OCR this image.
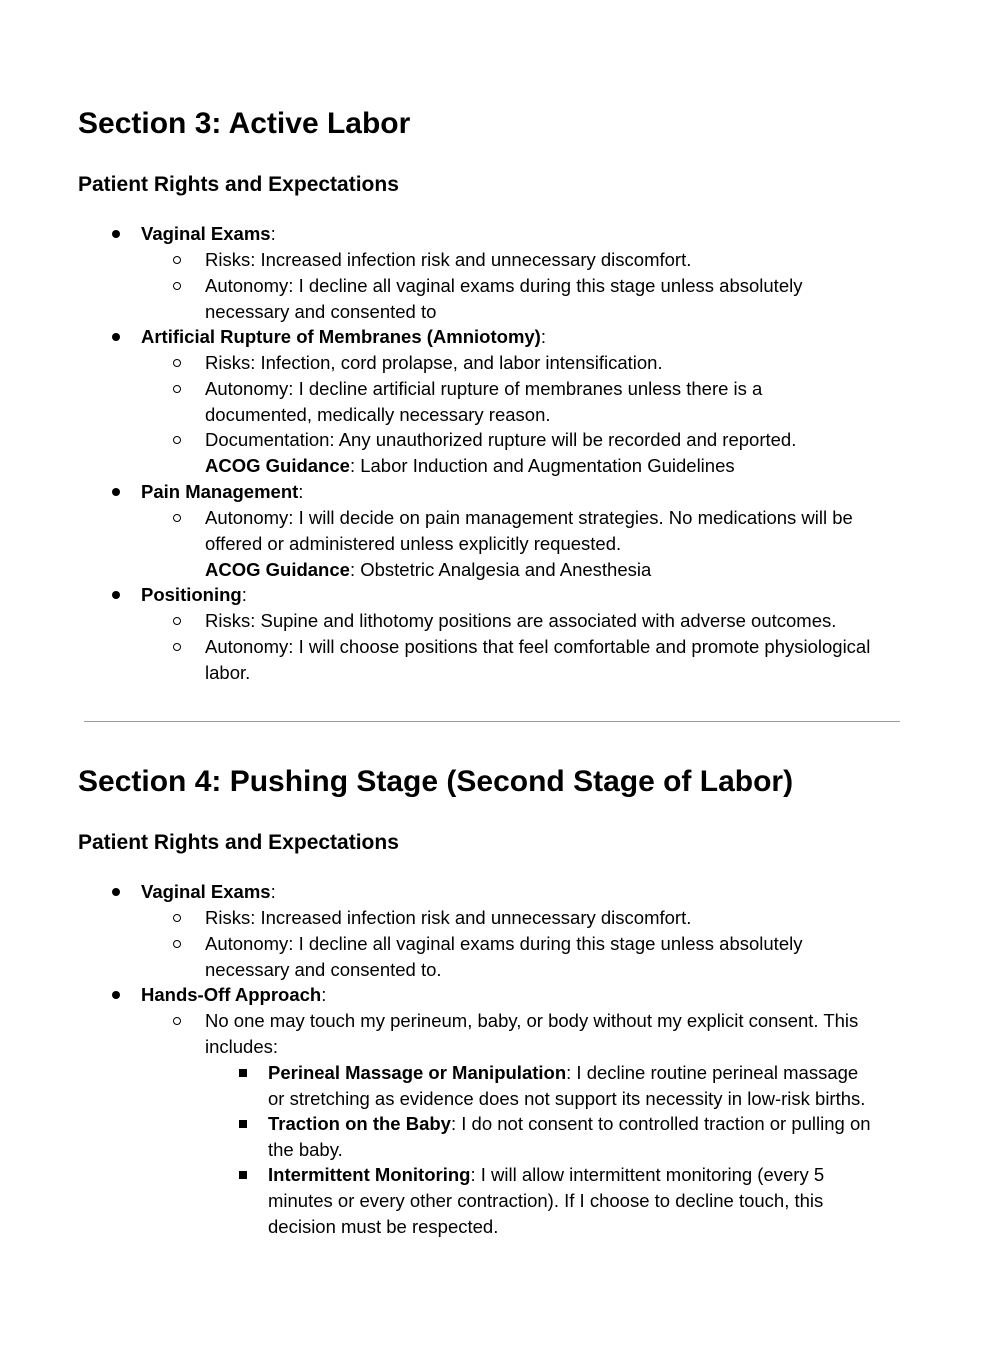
Section 3: Active Labor
Patient Rights and Expectations
Vaginal Exams:
Risks: Increased infection risk and unnecessary discomfort.
Autonomy: I decline all vaginal exams during this stage unless absolutely
necessary and consented to
Artificial Rupture of Membranes (Amniotomy):
Risks: Infection, cord prolapse, and labor intensification.
Autonomy: I decline artificial rupture of membranes unless there is a
documented, medically necessary reason.
Documentation: Any unauthorized rupture will be recorded and reported.
ACOG Guidance: Labor Induction and Augmentation Guidelines
Pain Management:
Autonomy: I will decide on pain management strategies. No medications will be
offered or administered unless explicitly requested.
ACOG Guidance: Obstetric Analgesia and Anesthesia
Positioning:
Risks: Supine and lithotomy positions are associated with adverse outcomes.
Autonomy: I will choose positions that feel comfortable and promote physiological
labor.
Section 4: Pushing Stage (Second Stage of Labor)
Patient Rights and Expectations
Vaginal Exams:
Risks: Increased infection risk and unnecessary discomfort.
Autonomy: I decline all vaginal exams during this stage unless absolutely
necessary and consented to.
Hands-Off Approach:
No one may touch my perineum, baby, or body without my explicit consent. This
includes:
Perineal Massage or Manipulation: I decline routine perineal massage
or stretching as evidence does not support its necessity in low-risk births.
Traction on the Baby: I do not consent to controlled traction or pulling on
the baby.
Intermittent Monitoring: I will allow intermittent monitoring (every 5
minutes or every other contraction). If I choose to decline touch, this
decision must be respected.
